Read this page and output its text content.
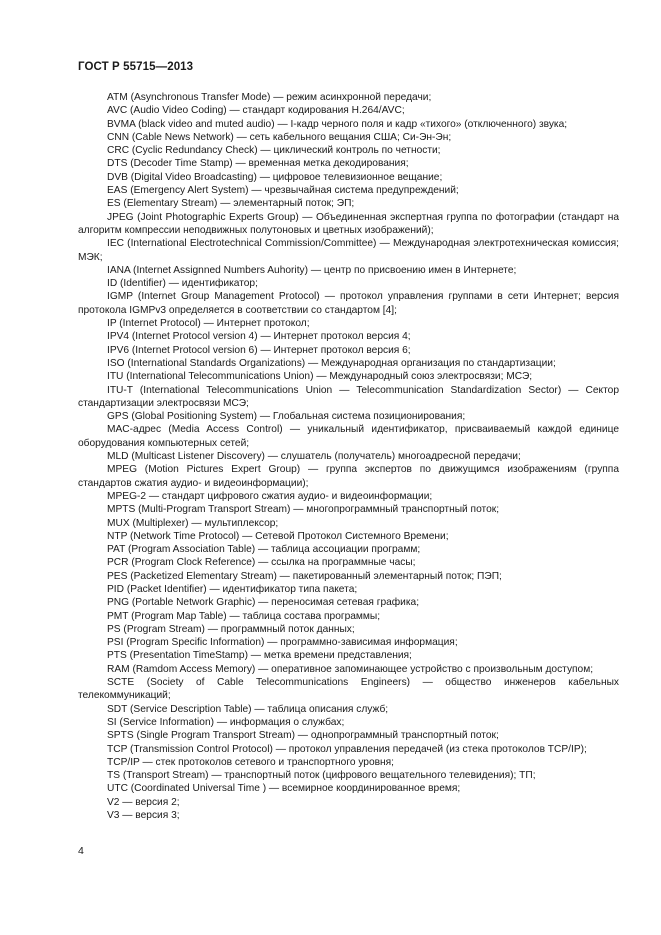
ГОСТ Р 55715—2013

ATM (Asynchronous Transfer Mode) — режим асинхронной передачи;

AVC (Audio Video Coding) — стандарт кодирования H.264/AVC;

BVMA (black video and muted audio) — I-кадр черного поля и кадр «тихого» (отключенного) звука;

CNN (Cable News Network) — сеть кабельного вещания США; Си-Эн-Эн;

CRC (Cyclic Redundancy Check) — циклический контроль по четности;

DTS (Decoder Time Stamp) — временная метка декодирования;

DVB (Digital Video Broadcasting) — цифровое телевизионное вещание;

EAS (Emergency Alert System) — чрезвычайная система предупреждений;

ES (Elementary Stream) — элементарный поток; ЭП;

JPEG (Joint Photographic Experts Group) — Объединенная экспертная группа по фотографии (стандарт на алгоритм компрессии неподвижных полутоновых и цветных изображений);

IEC (International Electrotechnical Commission/Committee) — Международная электротехническая комиссия; МЭК;

IANA (Internet Assignned Numbers Auhority) — центр по присвоению имен в Интернете;

ID (Identifier) — идентификатор;

IGMP (Internet Group Management Protocol) — протокол управления группами в сети Интернет; версия протокола IGMPv3 определяется в соответствии со стандартом [4];

IP (Internet Protocol) — Интернет протокол;

IPV4 (Internet Protocol version 4) — Интернет протокол версия 4;

IPV6 (Internet Protocol version 6) — Интернет протокол версия 6;

ISO (International Standards Organizations) — Международная организация по стандартизации;

ITU (International Telecommunications Union) — Международный союз электросвязи; МСЭ;

ITU-T (International Telecommunications Union — Telecommunication Standardization Sector) — Сектор стандартизации электросвязи МСЭ;

GPS (Global Positioning System) — Глобальная система позиционирования;

MAC-адрес (Media Access Control) — уникальный идентификатор, присваиваемый каждой единице оборудования компьютерных сетей;

MLD (Multicast Listener Discovery) — слушатель (получатель) многоадресной передачи;

MPEG (Motion Pictures Expert Group) — группа экспертов по движущимся изображениям (группа стандартов сжатия аудио- и видеоинформации);

MPEG-2 — стандарт цифрового сжатия аудио- и видеоинформации;

MPTS (Multi-Program Transport Stream) — многопрограммный транспортный поток;

MUX (Multiplexer) — мультиплексор;

NTP (Network Time Protocol) — Сетевой Протокол Системного Времени;

PAT (Program Association Table) — таблица ассоциации программ;

PCR (Program Clock Reference) — ссылка на программные часы;

PES (Packetized Elementary Stream) — пакетированный элементарный поток; ПЭП;

PID (Packet Identifier) — идентификатор типа пакета;

PNG (Portable Network Graphic) — переносимая сетевая графика;

PMT (Program Map Table) — таблица состава программы;

PS (Program Stream) — программный поток данных;

PSI (Program Specific Information) — программно-зависимая информация;

PTS (Presentation TimeStamp) — метка времени представления;

RAM (Ramdom Access Memory) — оперативное запоминающее устройство с произвольным доступом;

SCTE (Society of Cable Telecommunications Engineers) — общество инженеров кабельных телекоммуникаций;

SDT (Service Description Table) — таблица описания служб;

SI (Service Information) — информация о службах;

SPTS (Single Program Transport Stream) — однопрограммный транспортный поток;

TCP (Transmission Control Protocol) — протокол управления передачей (из стека протоколов TCP/IP);

TCP/IP — стек протоколов сетевого и транспортного уровня;

TS (Transport Stream) — транспортный поток (цифрового вещательного телевидения); ТП;

UTC (Coordinated Universal Time ) — всемирное координированное время;

V2 — версия 2;

V3 — версия 3;

4
